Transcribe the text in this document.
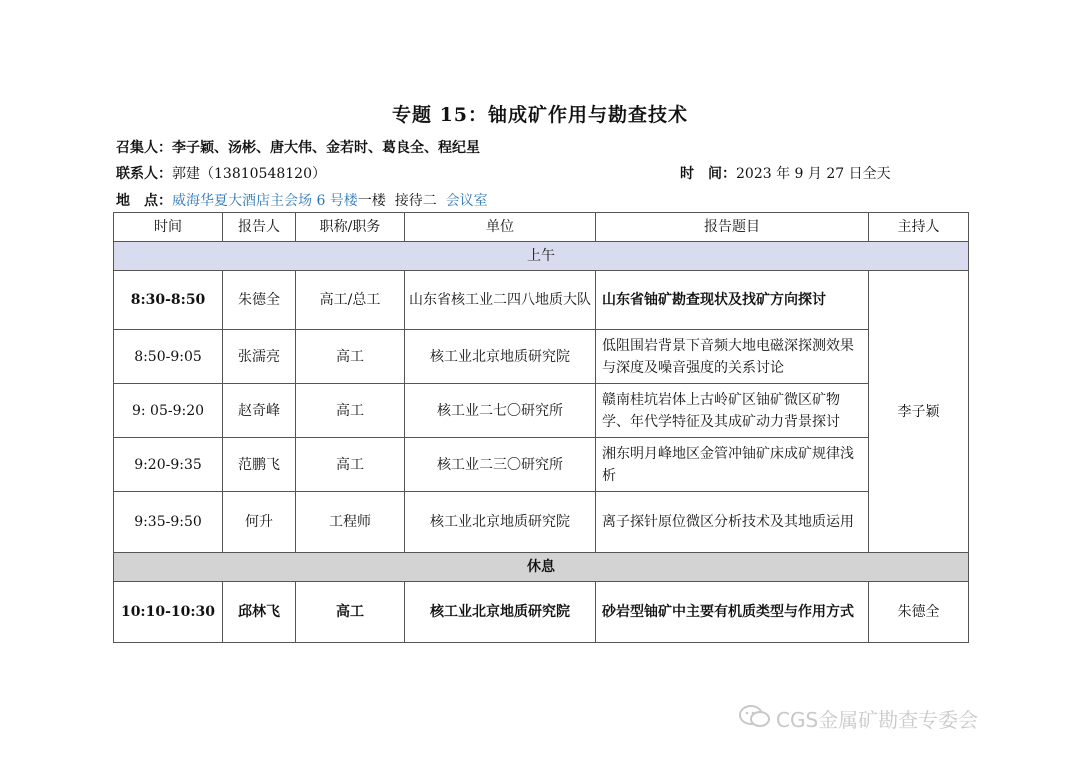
专题 15：铀成矿作用与勘查技术
召集人：李子颖、汤彬、唐大伟、金若时、葛良全、程纪星
联系人：郭建（13810548120）	时　间：2023 年 9 月 27 日全天
地　点：威海华夏大酒店主会场 6 号楼一楼  接待二  会议室
时间	报告人	职称/职务	单位	报告题目	主持人
上午					
8:30-8:50	朱德全	高工/总工	山东省核工业二四八地质大队	山东省铀矿勘查现状及找矿方向探讨	李子颖
8:50-9:05	张濡亮	高工	核工业北京地质研究院	低阻围岩背景下音频大地电磁深探测效果与深度及噪音强度的关系讨论	
9: 05-9:20	赵奇峰	高工	核工业二七〇研究所	赣南桂坑岩体上古岭矿区铀矿微区矿物学、年代学特征及其成矿动力背景探讨	
9:20-9:35	范鹏飞	高工	核工业二三〇研究所	湘东明月峰地区金管冲铀矿床成矿规律浅析	
9:35-9:50	何升	工程师	核工业北京地质研究院	离子探针原位微区分析技术及其地质运用	
休息					
10:10-10:30	邱林飞	高工	核工业北京地质研究院	砂岩型铀矿中主要有机质类型与作用方式	朱德全
CGS金属矿勘查专委会
